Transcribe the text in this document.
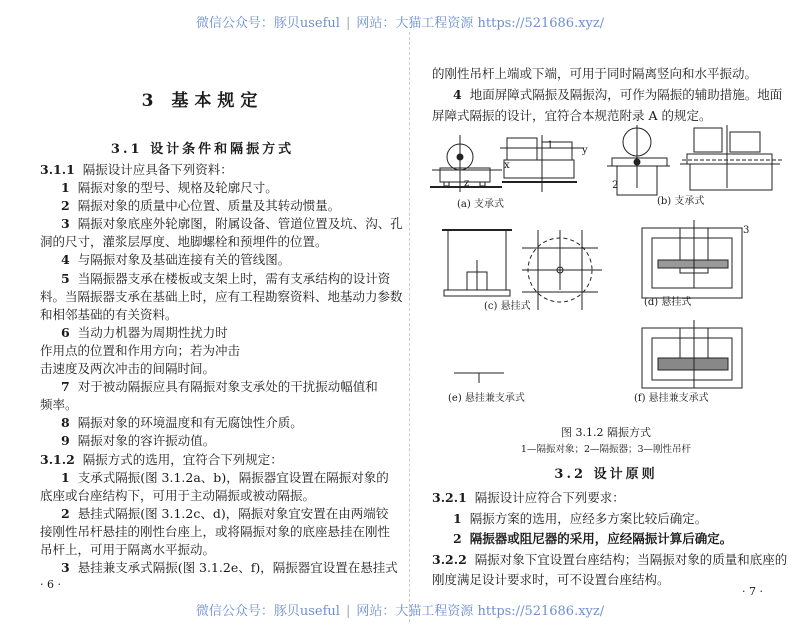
微信公众号：豚贝useful | 网站：大猫工程资源 https://521686.xyz/
3 基本规定
3.1 设计条件和隔振方式
3.1.1 隔振设计应具备下列资料：
1 隔振对象的型号、规格及轮廓尺寸。
2 隔振对象的质量中心位置、质量及其转动惯量。
3 隔振对象底座外轮廓图，附属设备、管道位置及坑、沟、孔
洞的尺寸，灌浆层厚度、地脚螺栓和预埋件的位置。
4 与隔振对象及基础连接有关的管线图。
5 当隔振器支承在楼板或支架上时，需有支承结构的设计资
料。当隔振器支承在基础上时，应有工程勘察资料、地基动力参数
和相邻基础的有关资料。
6 当动力机器为周期性扰力时
作用点的位置和作用方向；若为冲击
击速度及两次冲击的间隔时间。
7 对于被动隔振应具有隔振对象支承处的干扰振动幅值和
频率。
8 隔振对象的环境温度和有无腐蚀性介质。
9 隔振对象的容许振动值。
3.1.2 隔振方式的选用，宜符合下列规定：
1 支承式隔振(图 3.1.2a、b)，隔振器宜设置在隔振对象的
底座或台座结构下，可用于主动隔振或被动隔振。
2 悬挂式隔振(图 3.1.2c、d)，隔振对象宜安置在由两端铰
接刚性吊杆悬挂的刚性台座上，或将隔振对象的底座悬挂在刚性
吊杆上，可用于隔离水平振动。
3 悬挂兼支承式隔振(图 3.1.2e、f)，隔振器宜设置在悬挂式
· 6 ·
的刚性吊杆上端或下端，可用于同时隔离竖向和水平振动。
4 地面屏障式隔振及隔振沟，可作为隔振的辅助措施。地面
屏障式隔振的设计，宜符合本规范附录 A 的规定。
(a) 支承式	(b) 支承式
(c) 悬挂式	(d) 悬挂式
(e) 悬挂兼支承式	(f) 悬挂兼支承式
1
2
3
x
y
z
图 3.1.2 隔振方式
1—隔振对象；2—隔振器；3—刚性吊杆
3.2 设计原则
3.2.1 隔振设计应符合下列要求：
1 隔振方案的选用，应经多方案比较后确定。
2 隔振器或阻尼器的采用，应经隔振计算后确定。
3.2.2 隔振对象下宜设置台座结构；当隔振对象的质量和底座的
刚度满足设计要求时，可不设置台座结构。
· 7 ·
微信公众号：豚贝useful | 网站：大猫工程资源 https://521686.xyz/
